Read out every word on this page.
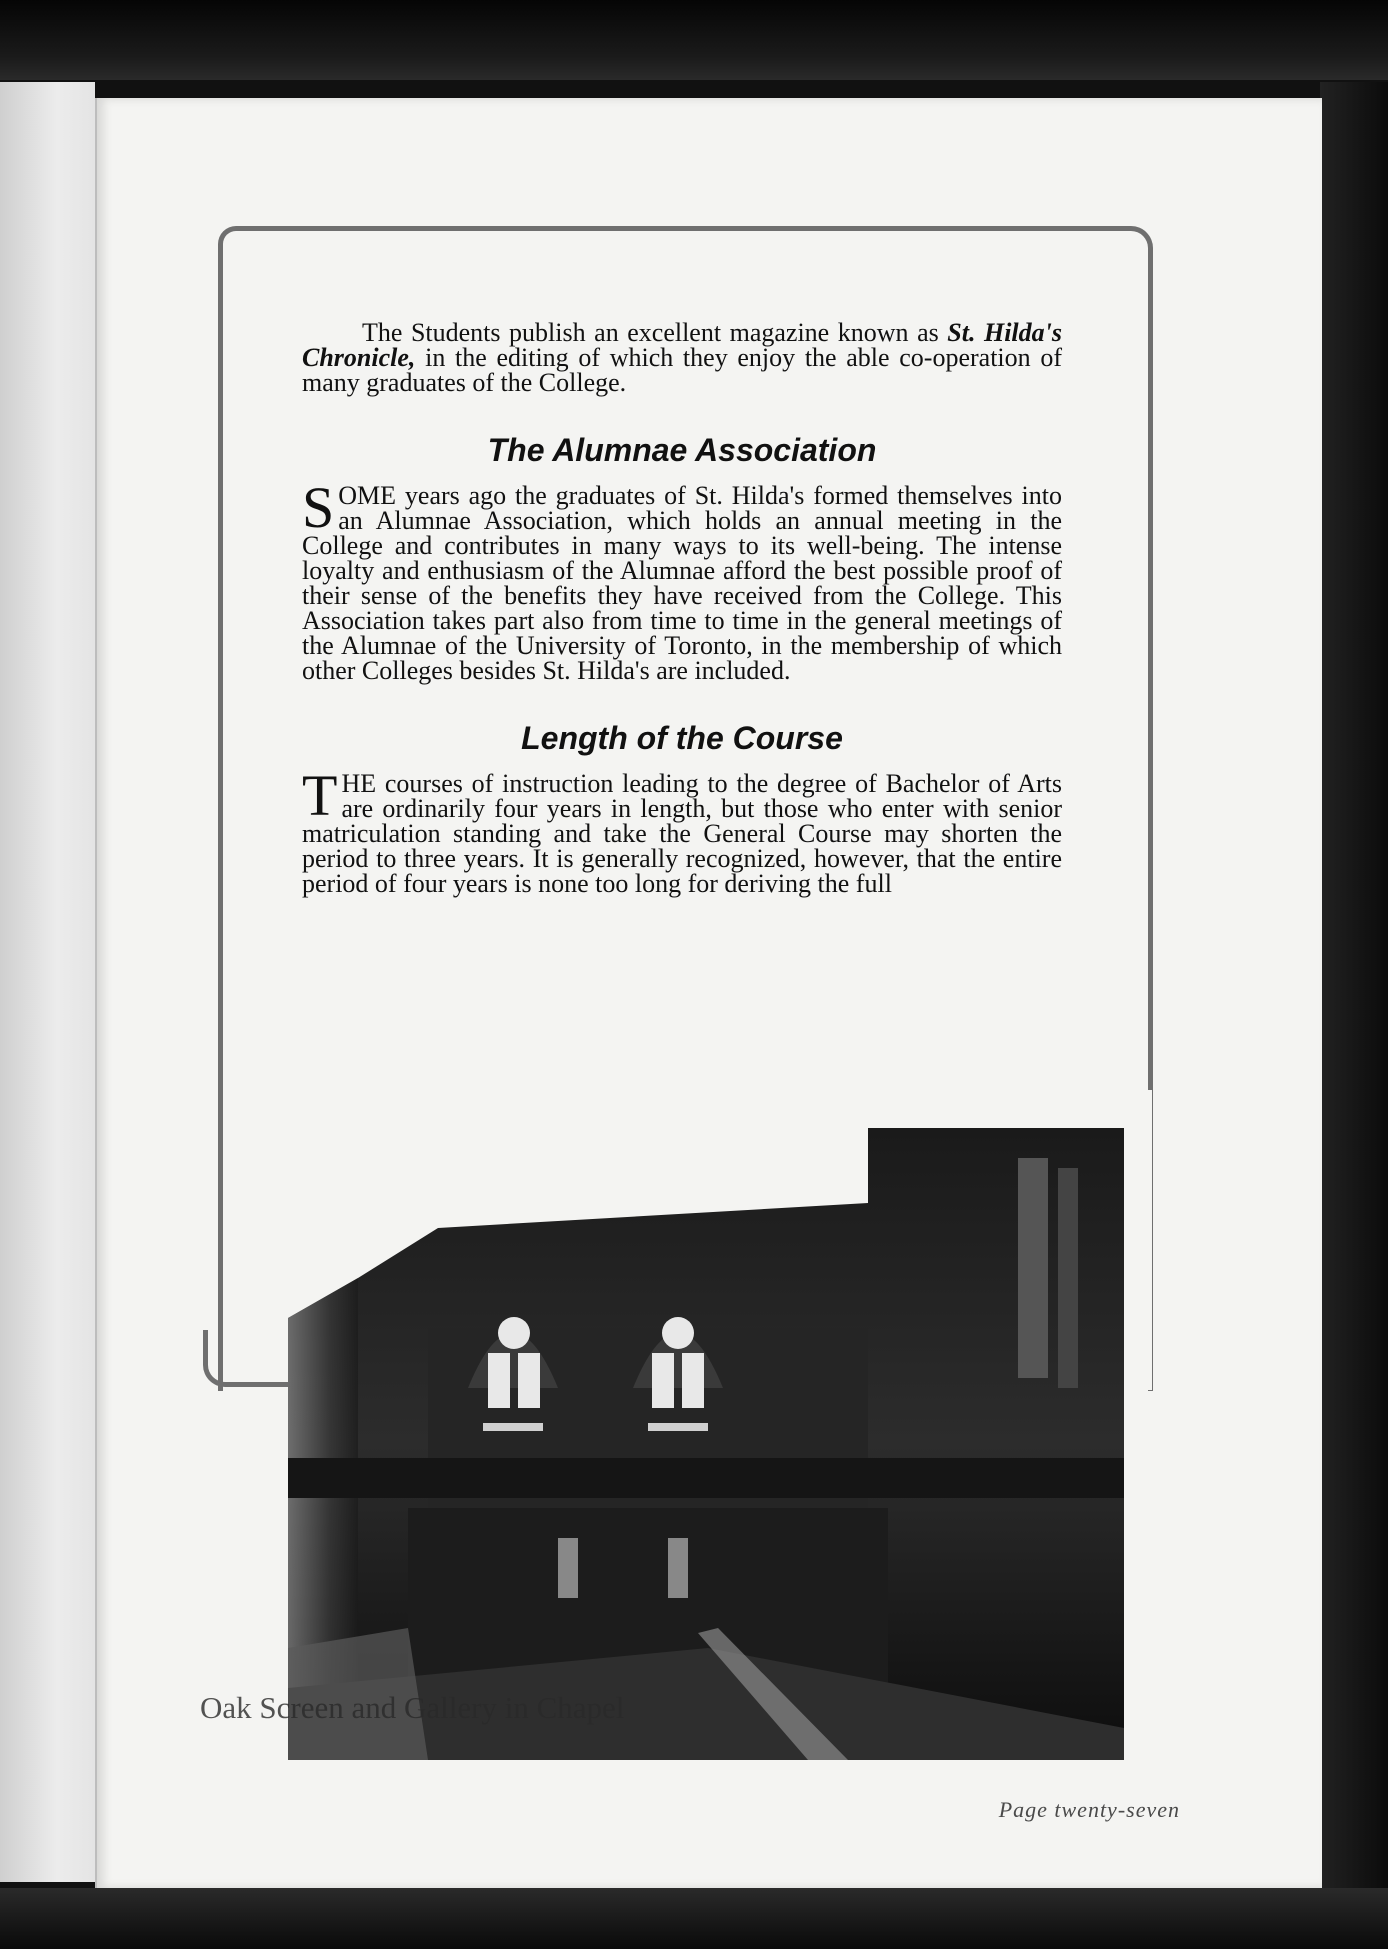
The Students publish an excellent magazine known as St. Hilda's Chronicle, in the editing of which they enjoy the able co-operation of many graduates of the College.

The Alumnae Association

SOME years ago the graduates of St. Hilda's formed themselves into an Alumnae Association, which holds an annual meeting in the College and contributes in many ways to its well-being. The intense loyalty and enthusiasm of the Alumnae afford the best possible proof of their sense of the benefits they have received from the College. This Association takes part also from time to time in the general meetings of the Alumnae of the University of Toronto, in the membership of which other Colleges besides St. Hilda's are included.

Length of the Course

THE courses of instruction leading to the degree of Bachelor of Arts are ordinarily four years in length, but those who enter with senior matriculation standing and take the General Course may shorten the period to three years. It is generally recognized, however, that the entire period of four years is none too long for deriving the full

Oak Screen and Gallery in Chapel
Page twenty-seven
